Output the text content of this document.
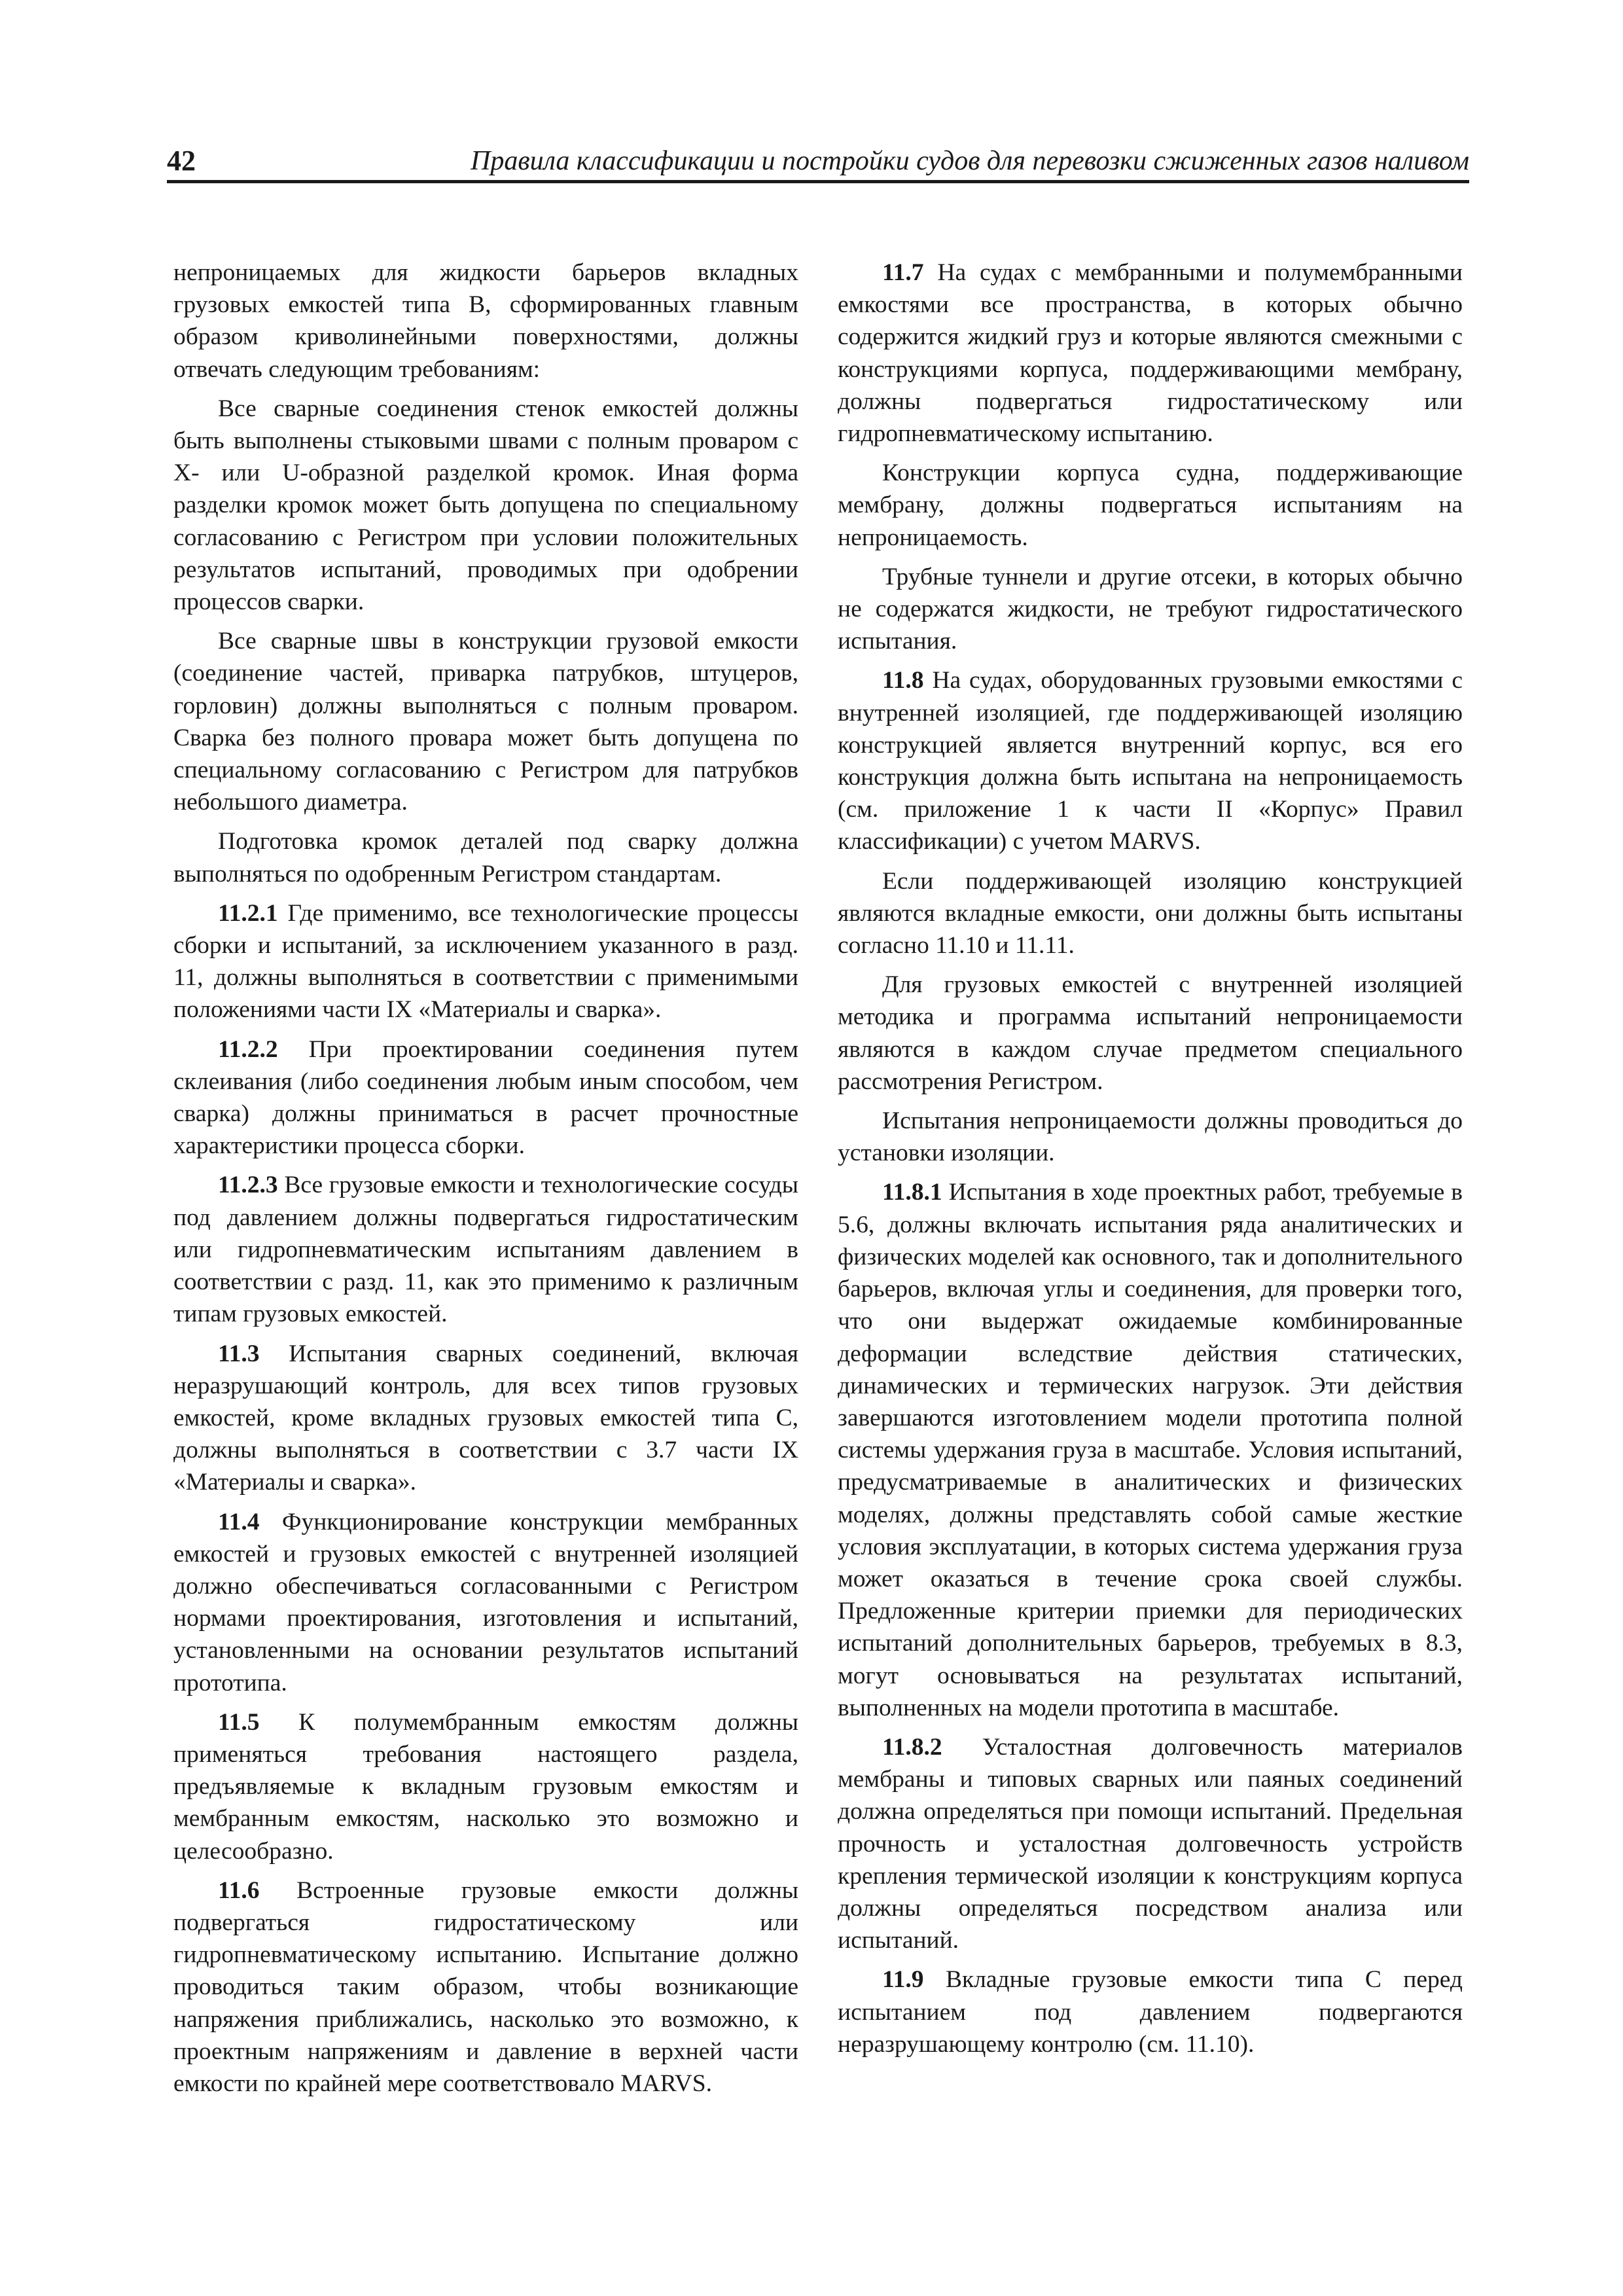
42	Правила классификации и постройки судов для перевозки сжиженных газов наливом

непроницаемых для жидкости барьеров вкладных грузовых емкостей типа B, сформированных главным образом криволинейными поверхностями, должны отвечать следующим требованиям:

Все сварные соединения стенок емкостей должны быть выполнены стыковыми швами с полным проваром с X- или U-образной разделкой кромок. Иная форма разделки кромок может быть допущена по специальному согласованию с Регистром при условии положительных результатов испытаний, проводимых при одобрении процессов сварки.

Все сварные швы в конструкции грузовой емкости (соединение частей, приварка патрубков, штуцеров, горловин) должны выполняться с полным проваром. Сварка без полного провара может быть допущена по специальному согласованию с Регистром для патрубков небольшого диаметра.

Подготовка кромок деталей под сварку должна выполняться по одобренным Регистром стандартам.

11.2.1 Где применимо, все технологические процессы сборки и испытаний, за исключением указанного в разд. 11, должны выполняться в соответствии с применимыми положениями части IX «Материалы и сварка».

11.2.2 При проектировании соединения путем склеивания (либо соединения любым иным способом, чем сварка) должны приниматься в расчет прочностные характеристики процесса сборки.

11.2.3 Все грузовые емкости и технологические сосуды под давлением должны подвергаться гидростатическим или гидропневматическим испытаниям давлением в соответствии с разд. 11, как это применимо к различным типам грузовых емкостей.

11.3 Испытания сварных соединений, включая неразрушающий контроль, для всех типов грузовых емкостей, кроме вкладных грузовых емкостей типа C, должны выполняться в соответствии с 3.7 части IX «Материалы и сварка».

11.4 Функционирование конструкции мембранных емкостей и грузовых емкостей с внутренней изоляцией должно обеспечиваться согласованными с Регистром нормами проектирования, изготовления и испытаний, установленными на основании результатов испытаний прототипа.

11.5 К полумембранным емкостям должны применяться требования настоящего раздела, предъявляемые к вкладным грузовым емкостям и мембранным емкостям, насколько это возможно и целесообразно.

11.6 Встроенные грузовые емкости должны подвергаться гидростатическому или гидропневматическому испытанию. Испытание должно проводиться таким образом, чтобы возникающие напряжения приближались, насколько это возможно, к проектным напряжениям и давление в верхней части емкости по крайней мере соответствовало MARVS.

11.7 На судах с мембранными и полумембранными емкостями все пространства, в которых обычно содержится жидкий груз и которые являются смежными с конструкциями корпуса, поддерживающими мембрану, должны подвергаться гидростатическому или гидропневматическому испытанию.

Конструкции корпуса судна, поддерживающие мембрану, должны подвергаться испытаниям на непроницаемость.

Трубные туннели и другие отсеки, в которых обычно не содержатся жидкости, не требуют гидростатического испытания.

11.8 На судах, оборудованных грузовыми емкостями с внутренней изоляцией, где поддерживающей изоляцию конструкцией является внутренний корпус, вся его конструкция должна быть испытана на непроницаемость (см. приложение 1 к части II «Корпус» Правил классификации) с учетом MARVS.

Если поддерживающей изоляцию конструкцией являются вкладные емкости, они должны быть испытаны согласно 11.10 и 11.11.

Для грузовых емкостей с внутренней изоляцией методика и программа испытаний непроницаемости являются в каждом случае предметом специального рассмотрения Регистром.

Испытания непроницаемости должны проводиться до установки изоляции.

11.8.1 Испытания в ходе проектных работ, требуемые в 5.6, должны включать испытания ряда аналитических и физических моделей как основного, так и дополнительного барьеров, включая углы и соединения, для проверки того, что они выдержат ожидаемые комбинированные деформации вследствие действия статических, динамических и термических нагрузок. Эти действия завершаются изготовлением модели прототипа полной системы удержания груза в масштабе. Условия испытаний, предусматриваемые в аналитических и физических моделях, должны представлять собой самые жесткие условия эксплуатации, в которых система удержания груза может оказаться в течение срока своей службы. Предложенные критерии приемки для периодических испытаний дополнительных барьеров, требуемых в 8.3, могут основываться на результатах испытаний, выполненных на модели прототипа в масштабе.

11.8.2 Усталостная долговечность материалов мембраны и типовых сварных или паяных соединений должна определяться при помощи испытаний. Предельная прочность и усталостная долговечность устройств крепления термической изоляции к конструкциям корпуса должны определяться посредством анализа или испытаний.

11.9 Вкладные грузовые емкости типа C перед испытанием под давлением подвергаются неразрушающему контролю (см. 11.10).
